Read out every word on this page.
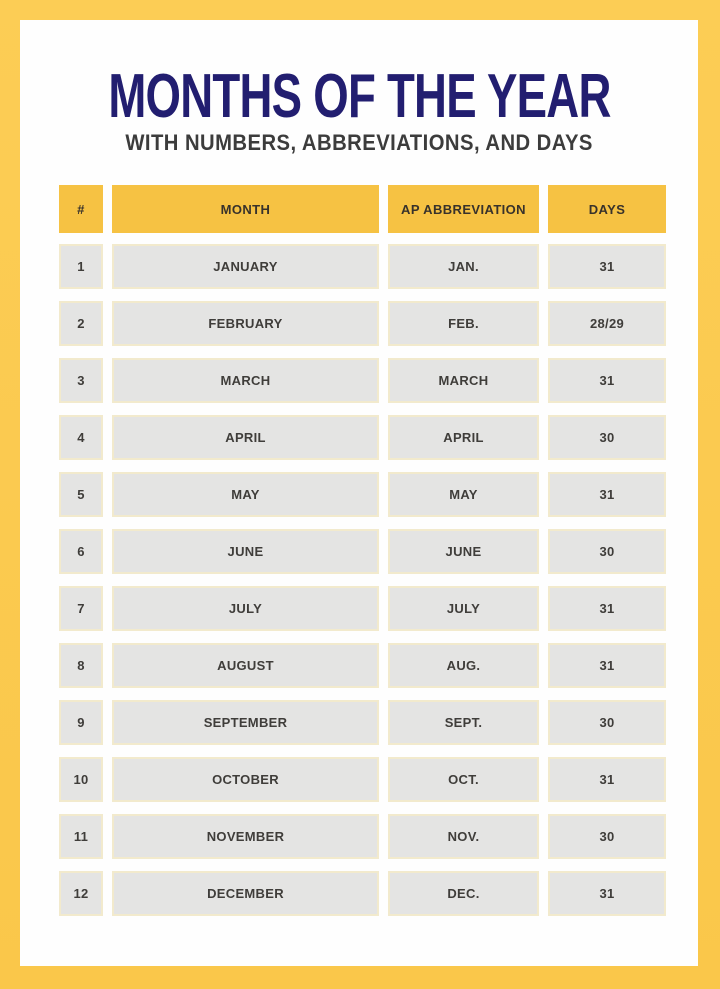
MONTHS OF THE YEAR

WITH NUMBERS, ABBREVIATIONS, AND DAYS

#	MONTH	AP ABBREVIATION	DAYS
1	JANUARY	JAN.	31
2	FEBRUARY	FEB.	28/29
3	MARCH	MARCH	31
4	APRIL	APRIL	30
5	MAY	MAY	31
6	JUNE	JUNE	30
7	JULY	JULY	31
8	AUGUST	AUG.	31
9	SEPTEMBER	SEPT.	30
10	OCTOBER	OCT.	31
11	NOVEMBER	NOV.	30
12	DECEMBER	DEC.	31
